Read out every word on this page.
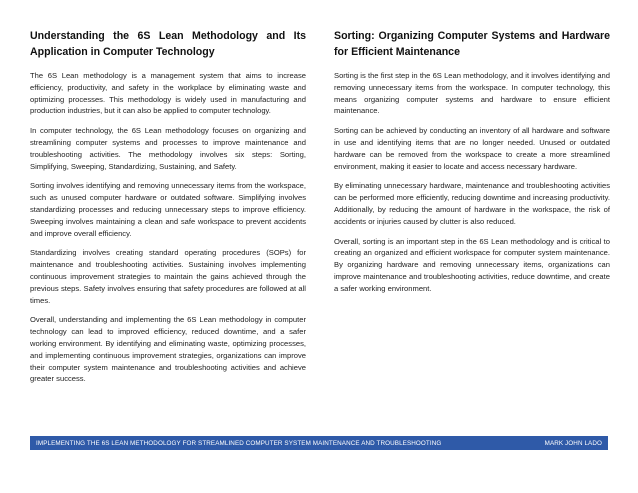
Understanding the 6S Lean Methodology and Its Application in Computer Technology

The 6S Lean methodology is a management system that aims to increase efficiency, productivity, and safety in the workplace by eliminating waste and optimizing processes. This methodology is widely used in manufacturing and production industries, but it can also be applied to computer technology.

In computer technology, the 6S Lean methodology focuses on organizing and streamlining computer systems and processes to improve maintenance and troubleshooting activities. The methodology involves six steps: Sorting, Simplifying, Sweeping, Standardizing, Sustaining, and Safety.

Sorting involves identifying and removing unnecessary items from the workspace, such as unused computer hardware or outdated software. Simplifying involves standardizing processes and reducing unnecessary steps to improve efficiency. Sweeping involves maintaining a clean and safe workspace to prevent accidents and improve overall efficiency.

Standardizing involves creating standard operating procedures (SOPs) for maintenance and troubleshooting activities. Sustaining involves implementing continuous improvement strategies to maintain the gains achieved through the previous steps. Safety involves ensuring that safety procedures are followed at all times.

Overall, understanding and implementing the 6S Lean methodology in computer technology can lead to improved efficiency, reduced downtime, and a safer working environment. By identifying and eliminating waste, optimizing processes, and implementing continuous improvement strategies, organizations can improve their computer system maintenance and troubleshooting activities and achieve greater success.

Sorting: Organizing Computer Systems and Hardware for Efficient Maintenance

Sorting is the first step in the 6S Lean methodology, and it involves identifying and removing unnecessary items from the workspace. In computer technology, this means organizing computer systems and hardware to ensure efficient maintenance.

Sorting can be achieved by conducting an inventory of all hardware and software in use and identifying items that are no longer needed. Unused or outdated hardware can be removed from the workspace to create a more streamlined environment, making it easier to locate and access necessary hardware.

By eliminating unnecessary hardware, maintenance and troubleshooting activities can be performed more efficiently, reducing downtime and increasing productivity. Additionally, by reducing the amount of hardware in the workspace, the risk of accidents or injuries caused by clutter is also reduced.

Overall, sorting is an important step in the 6S Lean methodology and is critical to creating an organized and efficient workspace for computer system maintenance. By organizing hardware and removing unnecessary items, organizations can improve maintenance and troubleshooting activities, reduce downtime, and create a safer working environment.

IMPLEMENTING THE 6S LEAN METHODOLOGY FOR STREAMLINED COMPUTER SYSTEM MAINTENANCE AND TROUBLESHOOTING	MARK JOHN LADO
